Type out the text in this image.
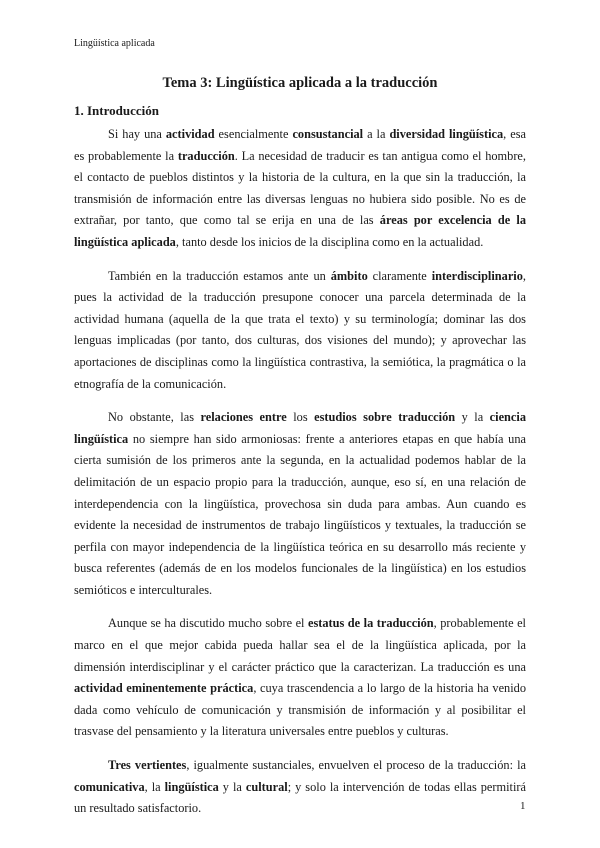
Lingüística aplicada
Tema 3: Lingüística aplicada a la traducción
1. Introducción

Si hay una actividad esencialmente consustancial a la diversidad lingüística, esa es probablemente la traducción. La necesidad de traducir es tan antigua como el hombre, el contacto de pueblos distintos y la historia de la cultura, en la que sin la traducción, la transmisión de información entre las diversas lenguas no hubiera sido posible. No es de extrañar, por tanto, que como tal se erija en una de las áreas por excelencia de la lingüística aplicada, tanto desde los inicios de la disciplina como en la actualidad.

También en la traducción estamos ante un ámbito claramente interdisciplinario, pues la actividad de la traducción presupone conocer una parcela determinada de la actividad humana (aquella de la que trata el texto) y su terminología; dominar las dos lenguas implicadas (por tanto, dos culturas, dos visiones del mundo); y aprovechar las aportaciones de disciplinas como la lingüística contrastiva, la semiótica, la pragmática o la etnografía de la comunicación.

No obstante, las relaciones entre los estudios sobre traducción y la ciencia lingüística no siempre han sido armoniosas: frente a anteriores etapas en que había una cierta sumisión de los primeros ante la segunda, en la actualidad podemos hablar de la delimitación de un espacio propio para la traducción, aunque, eso sí, en una relación de interdependencia con la lingüística, provechosa sin duda para ambas. Aun cuando es evidente la necesidad de instrumentos de trabajo lingüísticos y textuales, la traducción se perfila con mayor independencia de la lingüística teórica en su desarrollo más reciente y busca referentes (además de en los modelos funcionales de la lingüística) en los estudios semióticos e interculturales.

Aunque se ha discutido mucho sobre el estatus de la traducción, probablemente el marco en el que mejor cabida pueda hallar sea el de la lingüística aplicada, por la dimensión interdisciplinar y el carácter práctico que la caracterizan. La traducción es una actividad eminentemente práctica, cuya trascendencia a lo largo de la historia ha venido dada como vehículo de comunicación y transmisión de información y al posibilitar el trasvase del pensamiento y la literatura universales entre pueblos y culturas.

Tres vertientes, igualmente sustanciales, envuelven el proceso de la traducción: la comunicativa, la lingüística y la cultural; y solo la intervención de todas ellas permitirá un resultado satisfactorio.	1
